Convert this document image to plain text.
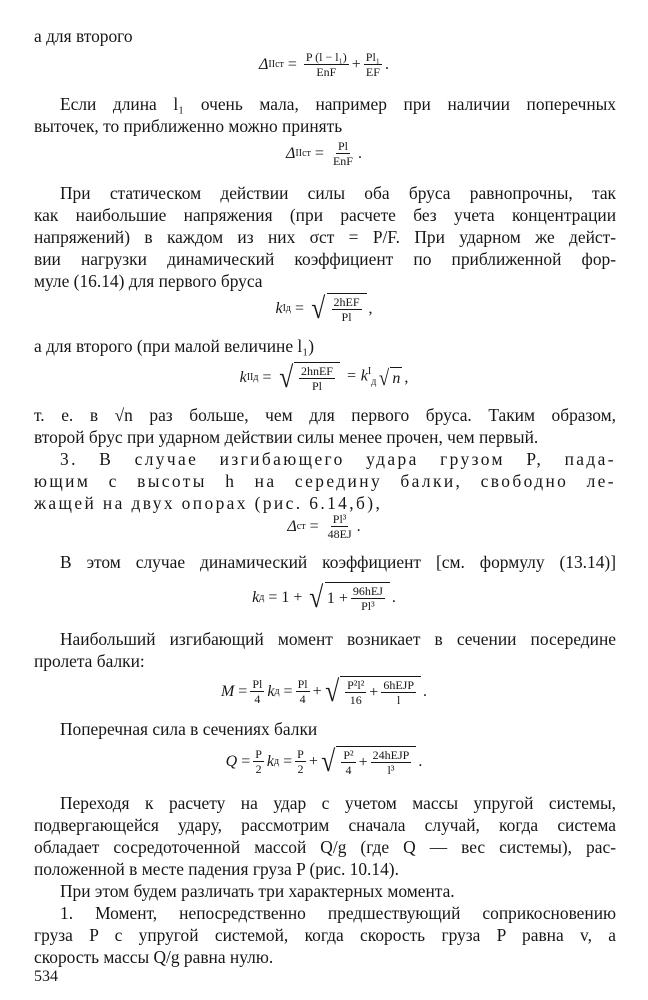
а для второго
Δ II ст = $\frac{\text{P (l − l₁)}}{\text{EnF}} + \frac{\text{Pl₁}}{EF}$ .
Если длина l₁ очень мала, например при наличии поперечных
выточек, то приближенно можно принять
Δ II ст = $\frac{Pl}{\text{EnF}}$ .
При статическом действии силы оба бруса равнопрочны, так
как наибольшие напряжения (при расчете без учета концентрации
напряжений) в каждом из них σст = P/F. При ударном же дейст-
вии нагрузки динамический коэффициент по приближенной фор-
муле (16.14) для первого бруса
k I д = √ $\frac{\text{2hEF}}{Pl}$ ,
а для второго (при малой величине l₁)
k II д = √ $\frac{\text{2hnEF}}{Pl} = k^I_д$ √ n ,
т. е. в √n раз больше, чем для первого бруса. Таким образом,
второй брус при ударном действии силы менее прочен, чем первый.
3. В случае изгибающего удара грузом P, пада-
ющим с высоты h на середину балки, свободно ле-
жащей на двух опорах (рис. 6.14,б),
Δ ст = $\frac{\text{Pl³}}{48EJ}$ .
В этом случае динамический коэффициент [см. формулу (13.14)]
k д = 1 + √ $1 + \frac{\text{96hEJ}}{\text{Pl³}}$ .
Наибольший изгибающий момент возникает в сечении посередине
пролета балки:
$M = \frac{Pl}{4}$ k $д = \frac{Pl}{4}$ + √ $\frac{\text{P²l²}}{16} + \frac{\text{6hEJP}}{l}$ .
Поперечная сила в сечениях балки
$Q = \frac{P}{2}$ k $д = \frac{P}{2}$ + √ $\frac{\text{P²}}{4} + \frac{\text{24hEJP}}{\text{l³}}$ .
Переходя к расчету на удар с учетом массы упругой системы,
подвергающейся удару, рассмотрим сначала случай, когда система
обладает сосредоточенной массой Q/g (где Q — вес системы), рас-
положенной в месте падения груза P (рис. 10.14).
При этом будем различать три характерных момента.
1. Момент, непосредственно предшествующий соприкосновению
груза P с упругой системой, когда скорость груза P равна v, а
скорость массы Q/g равна нулю.
534
